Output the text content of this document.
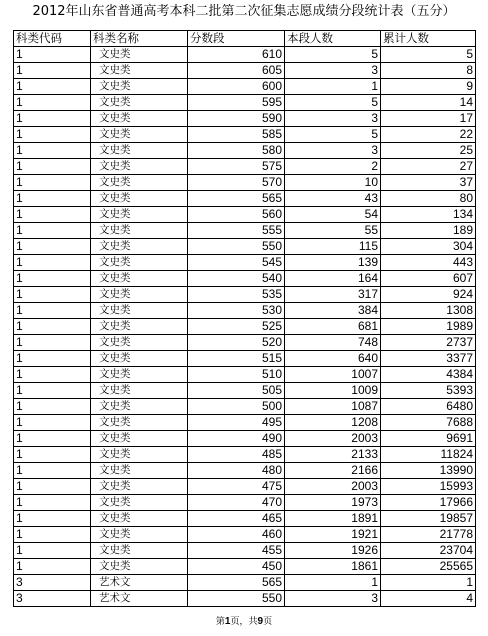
2012年山东省普通高考本科二批第二次征集志愿成绩分段统计表（五分）
科类代码	科类名称	分数段	本段人数	累计人数
1	文史类	610	5	5
1	文史类	605	3	8
1	文史类	600	1	9
1	文史类	595	5	14
1	文史类	590	3	17
1	文史类	585	5	22
1	文史类	580	3	25
1	文史类	575	2	27
1	文史类	570	10	37
1	文史类	565	43	80
1	文史类	560	54	134
1	文史类	555	55	189
1	文史类	550	115	304
1	文史类	545	139	443
1	文史类	540	164	607
1	文史类	535	317	924
1	文史类	530	384	1308
1	文史类	525	681	1989
1	文史类	520	748	2737
1	文史类	515	640	3377
1	文史类	510	1007	4384
1	文史类	505	1009	5393
1	文史类	500	1087	6480
1	文史类	495	1208	7688
1	文史类	490	2003	9691
1	文史类	485	2133	11824
1	文史类	480	2166	13990
1	文史类	475	2003	15993
1	文史类	470	1973	17966
1	文史类	465	1891	19857
1	文史类	460	1921	21778
1	文史类	455	1926	23704
1	文史类	450	1861	25565
3	艺术文	565	1	1
3	艺术文	550	3	4
第1页，共9页
